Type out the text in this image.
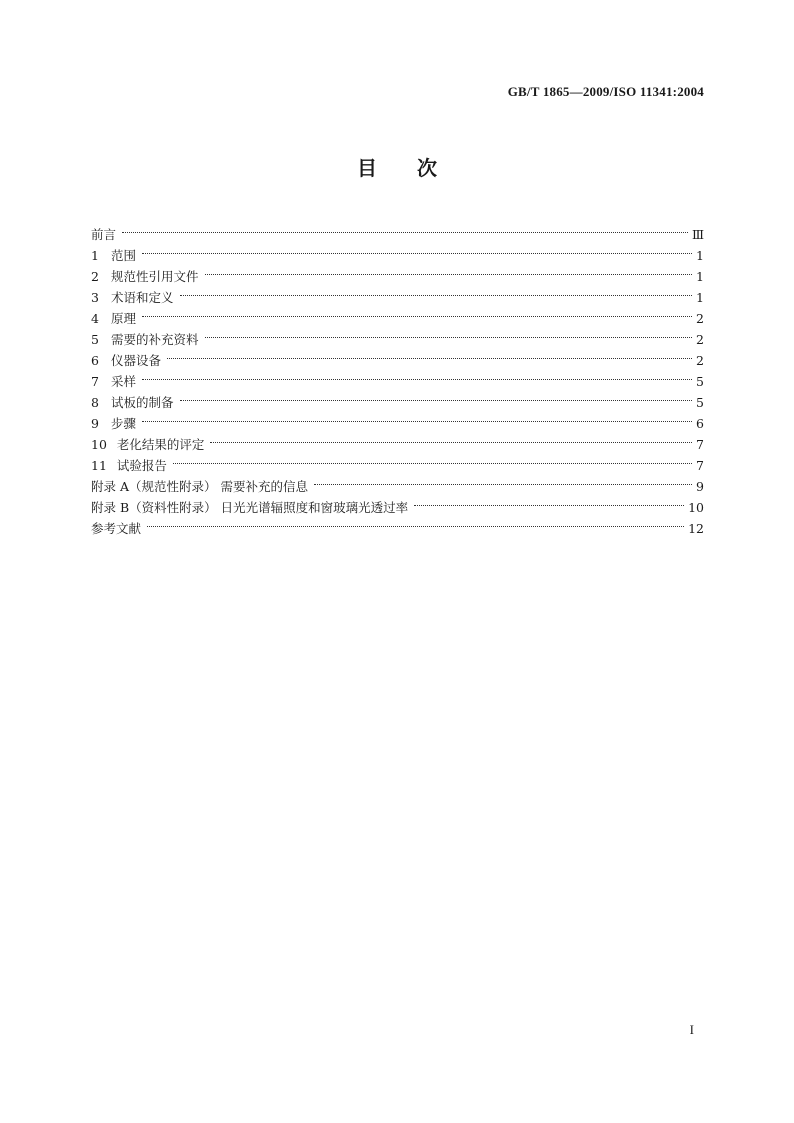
GB/T 1865—2009/ISO 11341:2004
目次
前言	Ⅲ
1 范围	1
2 规范性引用文件	1
3 术语和定义	1
4 原理	2
5 需要的补充资料	2
6 仪器设备	2
7 采样	5
8 试板的制备	5
9 步骤	6
10 老化结果的评定	7
11 试验报告	7
附录 A（规范性附录） 需要补充的信息	9
附录 B（资料性附录） 日光光谱辐照度和窗玻璃光透过率	10
参考文献	12
I
